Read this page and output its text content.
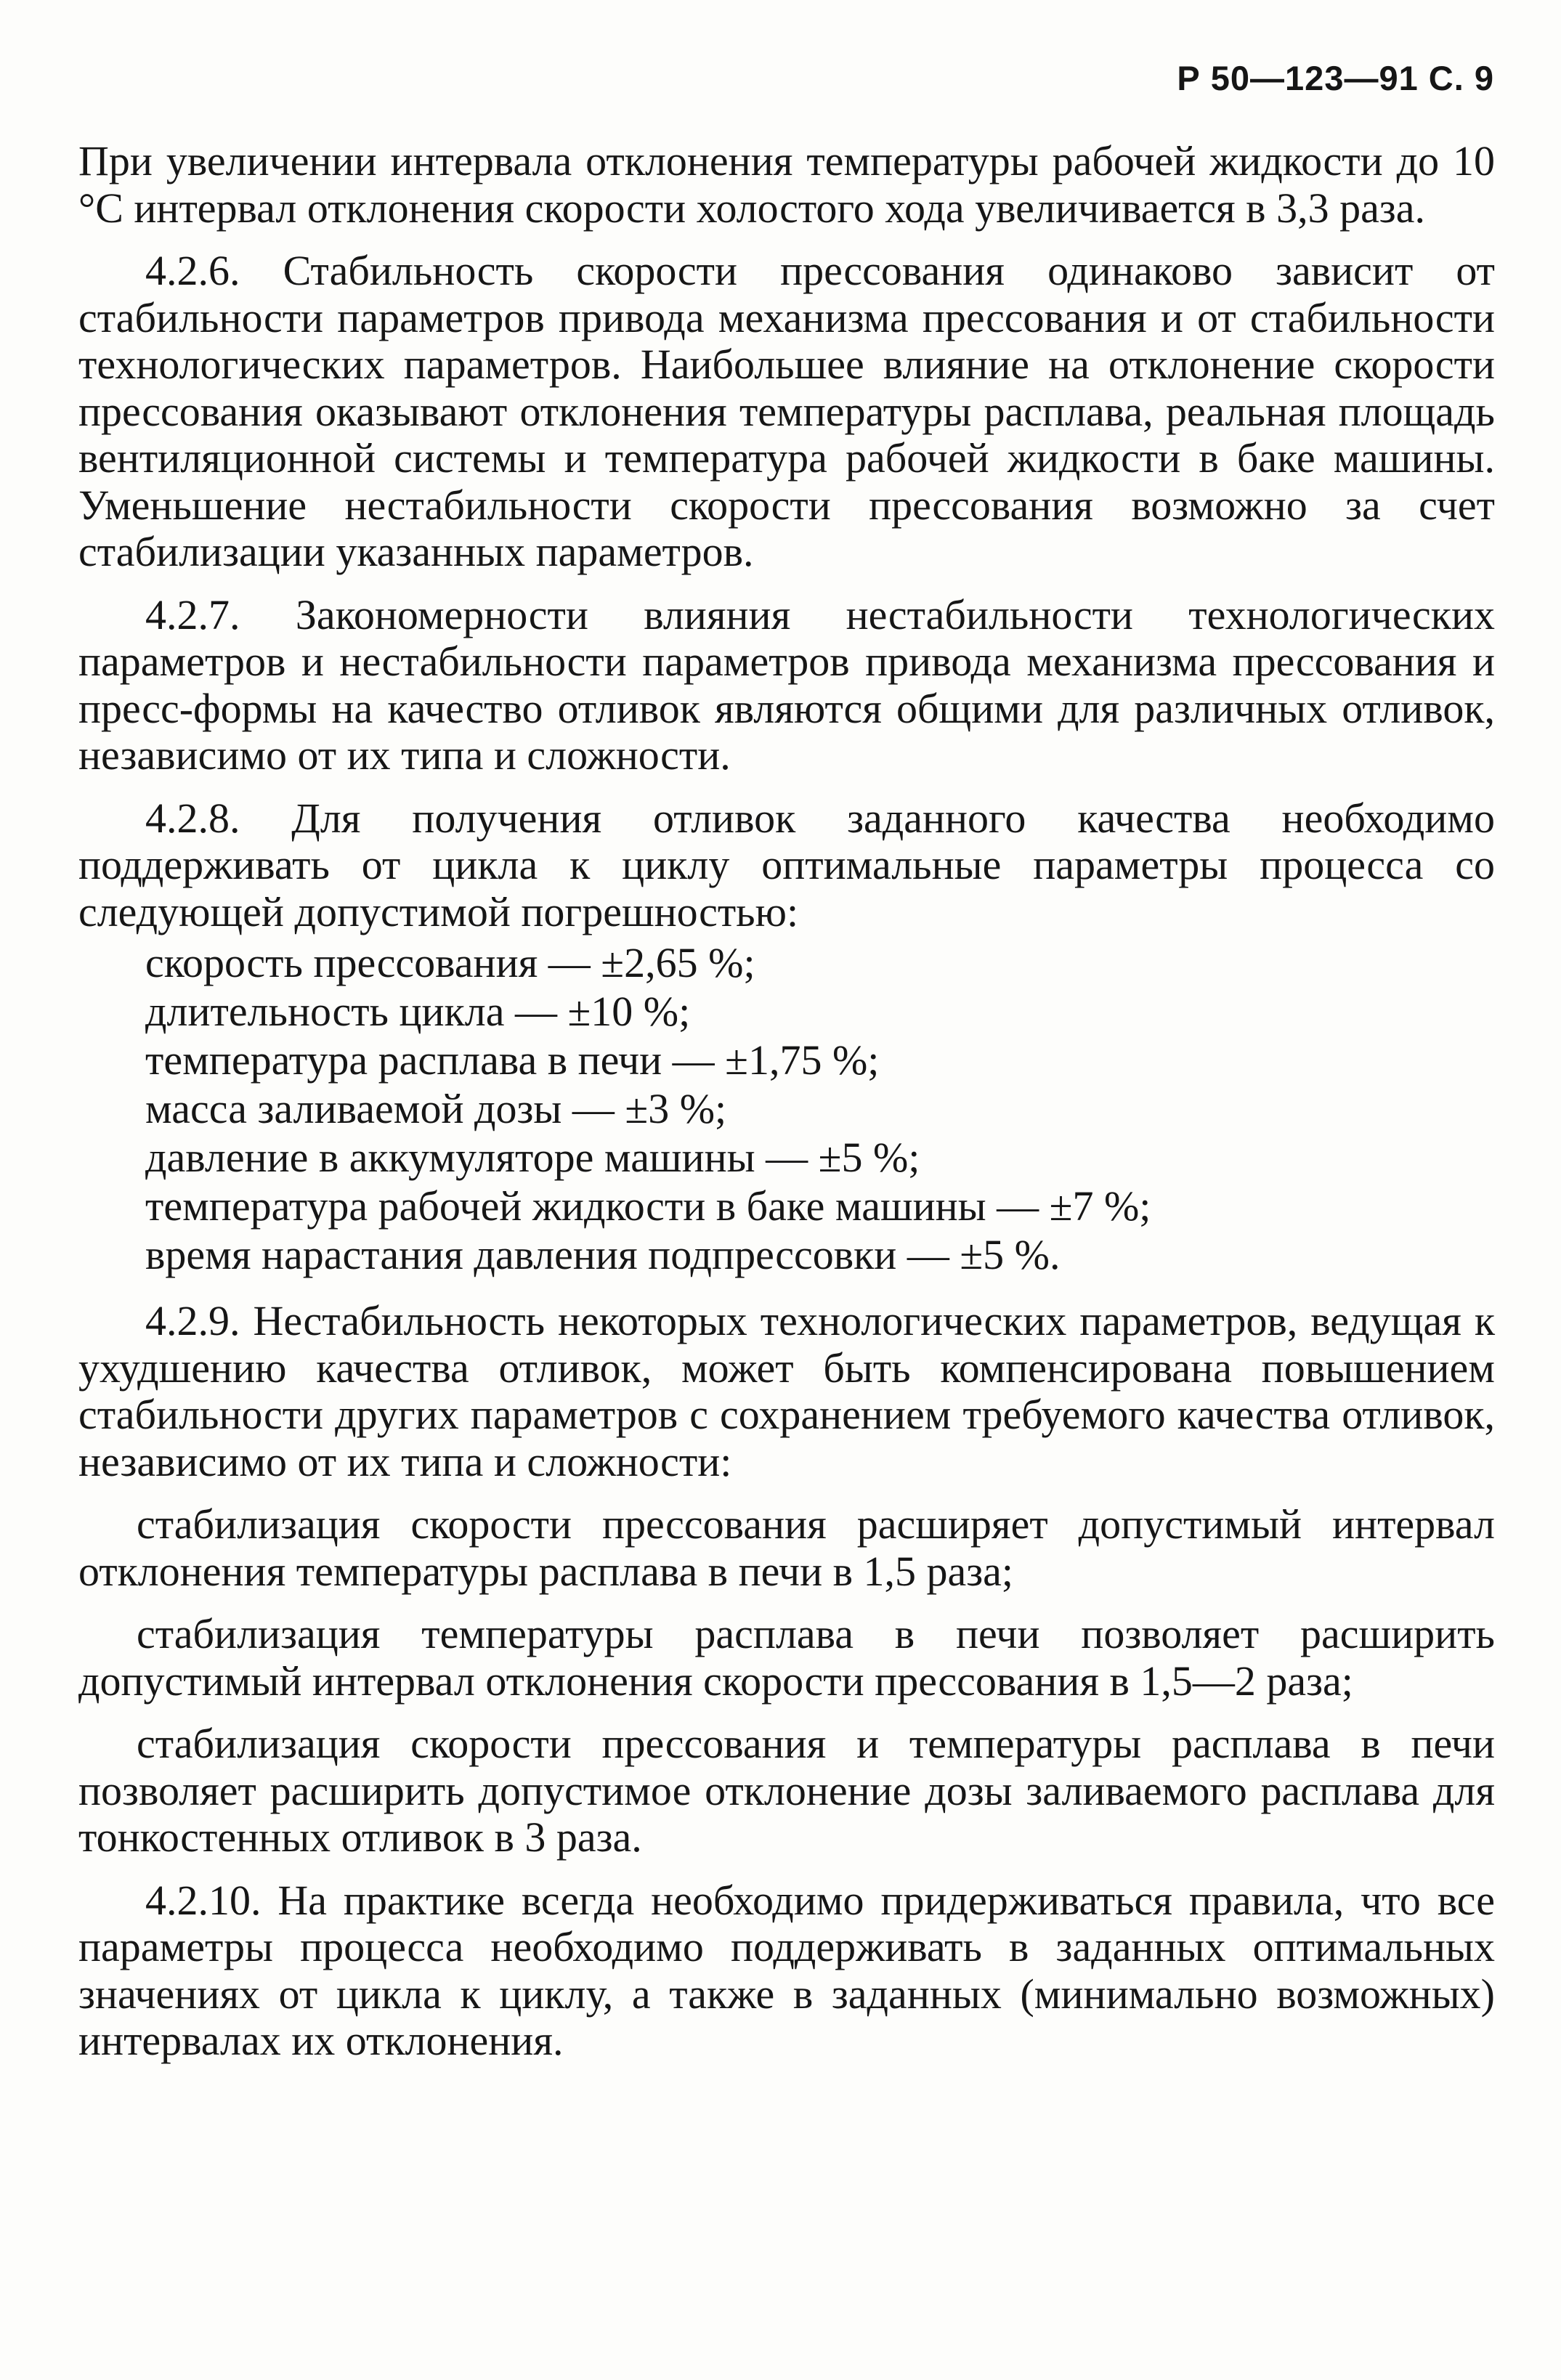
Р 50—123—91 С. 9

При увеличении интервала отклонения температуры рабочей жидкости до 10 °С интервал отклонения скорости холостого хода увеличивается в 3,3 раза.

4.2.6. Стабильность скорости прессования одинаково зависит от стабильности параметров привода механизма прессования и от стабильности технологических параметров. Наибольшее влияние на отклонение скорости прессования оказывают отклонения температуры расплава, реальная площадь вентиляционной системы и температура рабочей жидкости в баке машины. Уменьшение нестабильности скорости прессования возможно за счет стабилизации указанных параметров.

4.2.7. Закономерности влияния нестабильности технологических параметров и нестабильности параметров привода механизма прессования и пресс-формы на качество отливок являются общими для различных отливок, независимо от их типа и сложности.

4.2.8. Для получения отливок заданного качества необходимо поддерживать от цикла к циклу оптимальные параметры процесса со следующей допустимой погрешностью:

скорость прессования — ±2,65 %;
длительность цикла — ±10 %;
температура расплава в печи — ±1,75 %;
масса заливаемой дозы — ±3 %;
давление в аккумуляторе машины — ±5 %;
температура рабочей жидкости в баке машины — ±7 %;
время нарастания давления подпрессовки — ±5 %.

4.2.9. Нестабильность некоторых технологических параметров, ведущая к ухудшению качества отливок, может быть компенсирована повышением стабильности других параметров с сохранением требуемого качества отливок, независимо от их типа и сложности:

стабилизация скорости прессования расширяет допустимый интервал отклонения температуры расплава в печи в 1,5 раза;

стабилизация температуры расплава в печи позволяет расширить допустимый интервал отклонения скорости прессования в 1,5—2 раза;

стабилизация скорости прессования и температуры расплава в печи позволяет расширить допустимое отклонение дозы заливаемого расплава для тонкостенных отливок в 3 раза.

4.2.10. На практике всегда необходимо придерживаться правила, что все параметры процесса необходимо поддерживать в заданных оптимальных значениях от цикла к циклу, а также в заданных (минимально возможных) интервалах их отклонения.
